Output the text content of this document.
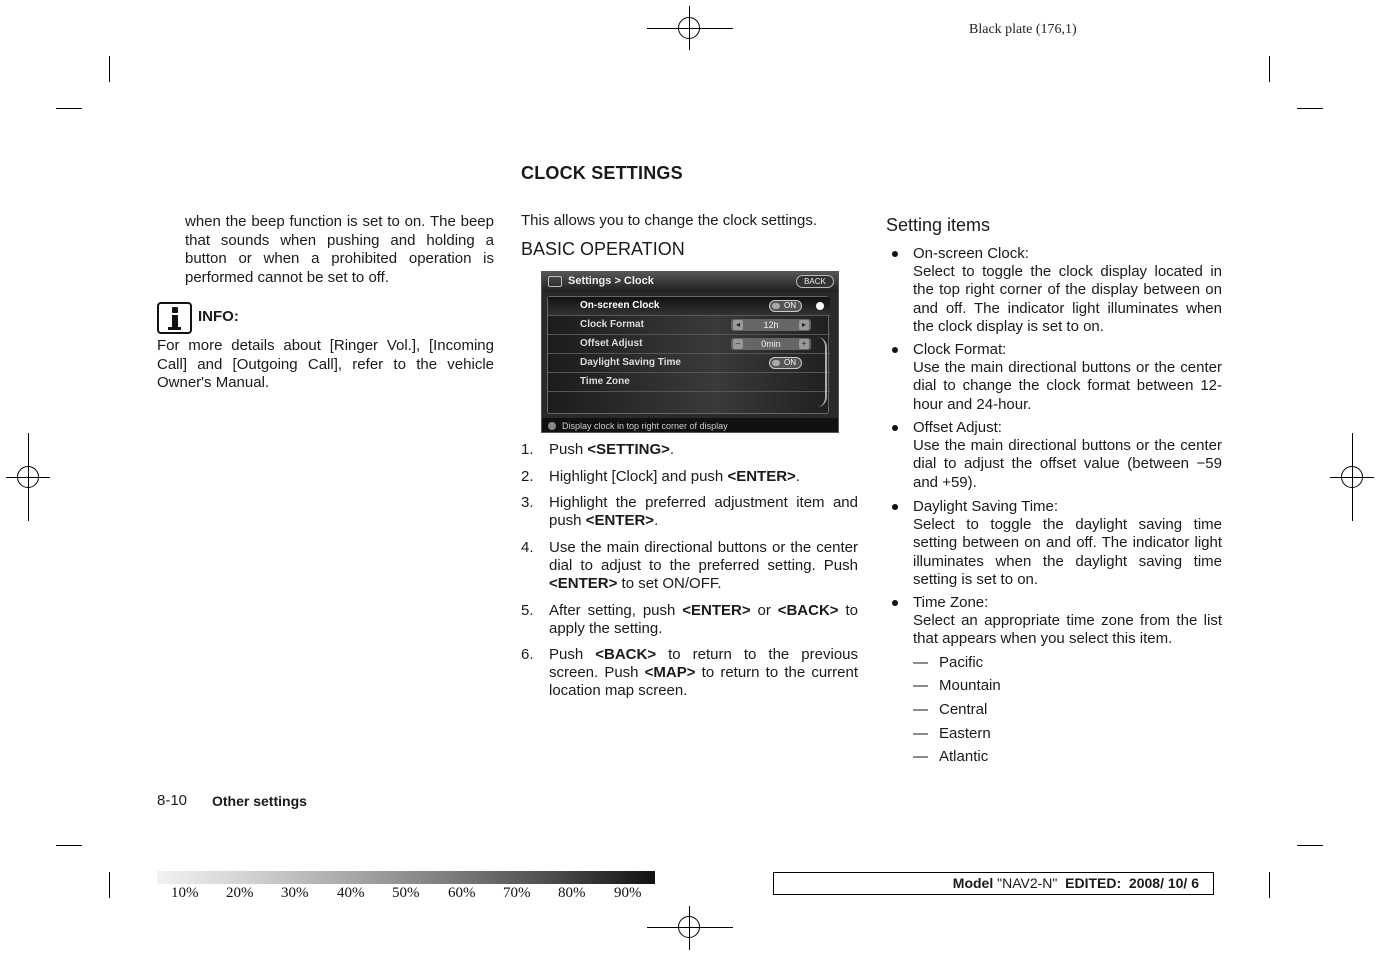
Black plate (176,1)

when the beep function is set to on. The beep that sounds when pushing and holding a button or when a prohibited operation is performed cannot be set to off.

INFO:

For more details about [Ringer Vol.], [Incoming Call] and [Outgoing Call], refer to the vehicle Owner's Manual.

CLOCK SETTINGS
This allows you to change the clock settings.
BASIC OPERATION
Settings > Clock	BACK
On-screen Clock	ON
Clock Format	12h
◂	▸
Offset Adjust	0min
−	+
Daylight Saving Time	ON
Time Zone
Display clock in top right corner of display
1. Push <SETTING>.
2. Highlight [Clock] and push <ENTER>.
3. Highlight the preferred adjustment item and push <ENTER>.
4. Use the main directional buttons or the center dial to adjust to the preferred setting. Push <ENTER> to set ON/OFF.
5. After setting, push <ENTER> or <BACK> to apply the setting.
6. Push <BACK> to return to the previous screen. Push <MAP> to return to the current location map screen.
Setting items
On-screen Clock:
Select to toggle the clock display located in the top right corner of the display between on and off. The indicator light illuminates when the clock display is set to on.
Clock Format:
Use the main directional buttons or the center dial to change the clock format between 12-hour and 24-hour.
Offset Adjust:
Use the main directional buttons or the center dial to adjust the offset value (between −59 and +59).
Daylight Saving Time:
Select to toggle the daylight saving time setting between on and off. The indicator light illuminates when the daylight saving time setting is set to on.
Time Zone:
Select an appropriate time zone from the list that appears when you select this item.
— Pacific
— Mountain
— Central
— Eastern
— Atlantic
8-10 Other settings
10% 20% 30% 40% 50% 60% 70% 80% 90%
Model "NAV2-N"  EDITED:  2008/ 10/ 6
